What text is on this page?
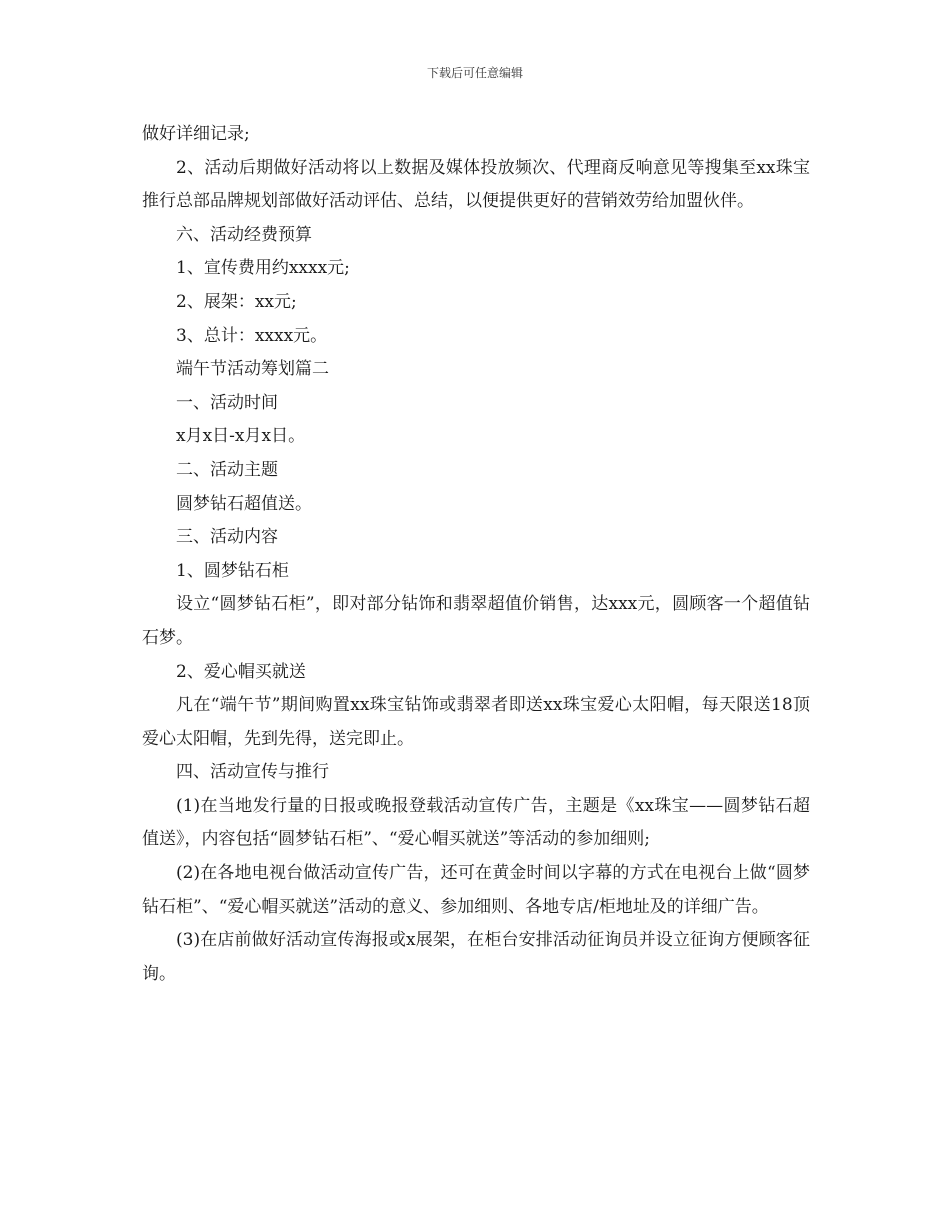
下载后可任意编辑

做好详细记录;

2、活动后期做好活动将以上数据及媒体投放频次、代理商反响意见等搜集至xx珠宝推行总部品牌规划部做好活动评估、总结，以便提供更好的营销效劳给加盟伙伴。

六、活动经费预算

1、宣传费用约xxxx元;

2、展架：xx元;

3、总计：xxxx元。

端午节活动筹划篇二

一、活动时间

x月x日-x月x日。

二、活动主题

圆梦钻石超值送。

三、活动内容

1、圆梦钻石柜

设立“圆梦钻石柜”，即对部分钻饰和翡翠超值价销售，达xxx元，圆顾客一个超值钻石梦。

2、爱心帽买就送

凡在“端午节”期间购置xx珠宝钻饰或翡翠者即送xx珠宝爱心太阳帽，每天限送18顶爱心太阳帽，先到先得，送完即止。

四、活动宣传与推行

(1)在当地发行量的日报或晚报登载活动宣传广告，主题是《xx珠宝——圆梦钻石超值送》，内容包括“圆梦钻石柜”、“爱心帽买就送”等活动的参加细则;

(2)在各地电视台做活动宣传广告，还可在黄金时间以字幕的方式在电视台上做“圆梦钻石柜”、“爱心帽买就送”活动的意义、参加细则、各地专店/柜地址及的详细广告。

(3)在店前做好活动宣传海报或x展架，在柜台安排活动征询员并设立征询方便顾客征询。
